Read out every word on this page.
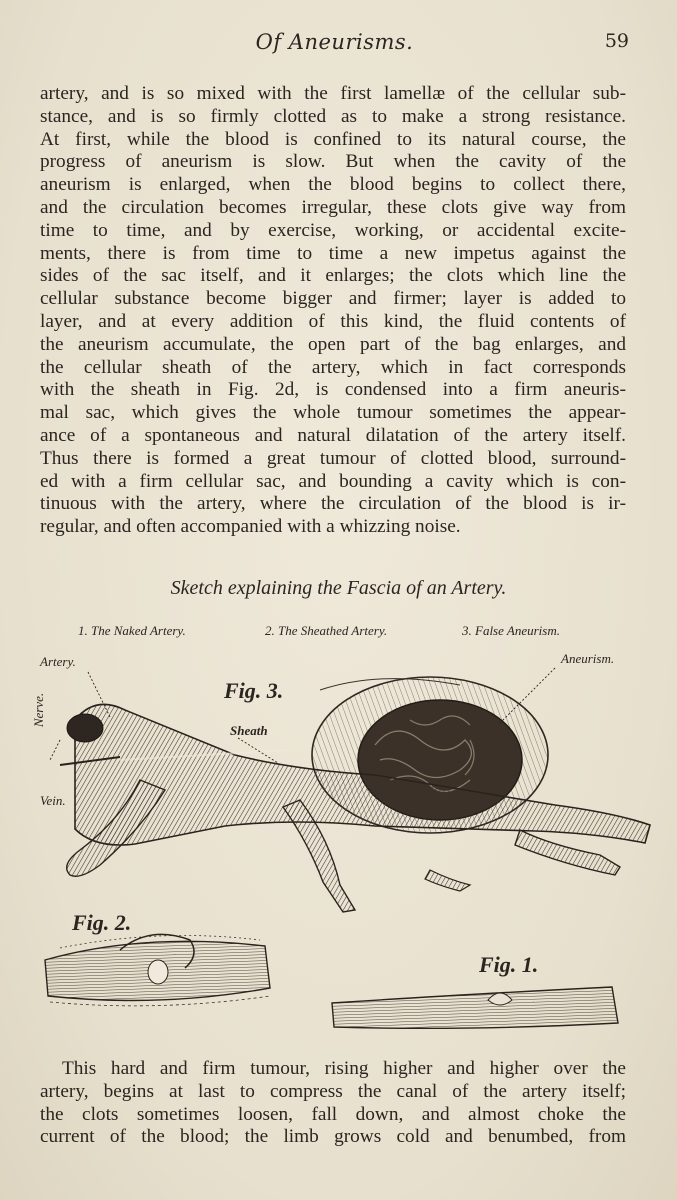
Of Aneurisms.	59
artery, and is so mixed with the first lamellæ of the cellular sub-
stance, and is so firmly clotted as to make a strong resistance.
At first, while the blood is confined to its natural course, the
progress of aneurism is slow. But when the cavity of the
aneurism is enlarged, when the blood begins to collect there,
and the circulation becomes irregular, these clots give way from
time to time, and by exercise, working, or accidental excite-
ments, there is from time to time a new impetus against the
sides of the sac itself, and it enlarges; the clots which line the
cellular substance become bigger and firmer; layer is added to
layer, and at every addition of this kind, the fluid contents of
the aneurism accumulate, the open part of the bag enlarges, and
the cellular sheath of the artery, which in fact corresponds
with the sheath in Fig. 2d, is condensed into a firm aneuris-
mal sac, which gives the whole tumour sometimes the appear-
ance of a spontaneous and natural dilatation of the artery itself.
Thus there is formed a great tumour of clotted blood, surround-
ed with a firm cellular sac, and bounding a cavity which is con-
tinuous with the artery, where the circulation of the blood is ir-
regular, and often accompanied with a whizzing noise.
Sketch explaining the Fascia of an Artery.
1. The Naked Artery.	2. The Sheathed Artery.	3. False Aneurism.
Artery.	Aneurism.
Nerve.
Vein.
Sheath
Fig. 3.
Fig. 2.
Fig. 1.
This hard and firm tumour, rising higher and higher over the
artery, begins at last to compress the canal of the artery itself;
the clots sometimes loosen, fall down, and almost choke the
current of the blood; the limb grows cold and benumbed, from
